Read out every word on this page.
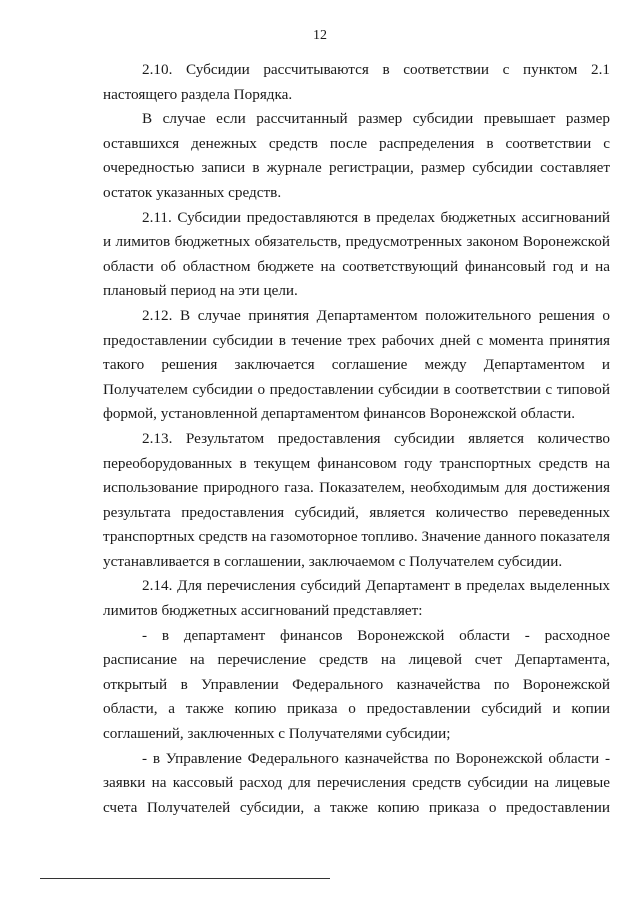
12

2.10. Субсидии рассчитываются в соответствии с пунктом 2.1 настоящего раздела Порядка.

В случае если рассчитанный размер субсидии превышает размер оставшихся денежных средств после распределения в соответствии с очередностью записи в журнале регистрации, размер субсидии составляет остаток указанных средств.

2.11. Субсидии предоставляются в пределах бюджетных ассигнований и лимитов бюджетных обязательств, предусмотренных законом Воронежской области об областном бюджете на соответствующий финансовый год и на плановый период на эти цели.

2.12. В случае принятия Департаментом положительного решения о предоставлении субсидии в течение трех рабочих дней с момента принятия такого решения заключается соглашение между Департаментом и Получателем субсидии о предоставлении субсидии в соответствии с типовой формой, установленной департаментом финансов Воронежской области.

2.13. Результатом предоставления субсидии является количество переоборудованных в текущем финансовом году транспортных средств на использование природного газа. Показателем, необходимым для достижения результата предоставления субсидий, является количество переведенных транспортных средств на газомоторное топливо. Значение данного показателя устанавливается в соглашении, заключаемом с Получателем субсидии.

2.14. Для перечисления субсидий Департамент в пределах выделенных лимитов бюджетных ассигнований представляет:

- в департамент финансов Воронежской области - расходное расписание на перечисление средств на лицевой счет Департамента, открытый в Управлении Федерального казначейства по Воронежской области, а также копию приказа о предоставлении субсидий и копии соглашений, заключенных с Получателями субсидии;

- в Управление Федерального казначейства по Воронежской области - заявки на кассовый расход для перечисления средств субсидии на лицевые счета Получателей субсидии, а также копию приказа о предоставлении
